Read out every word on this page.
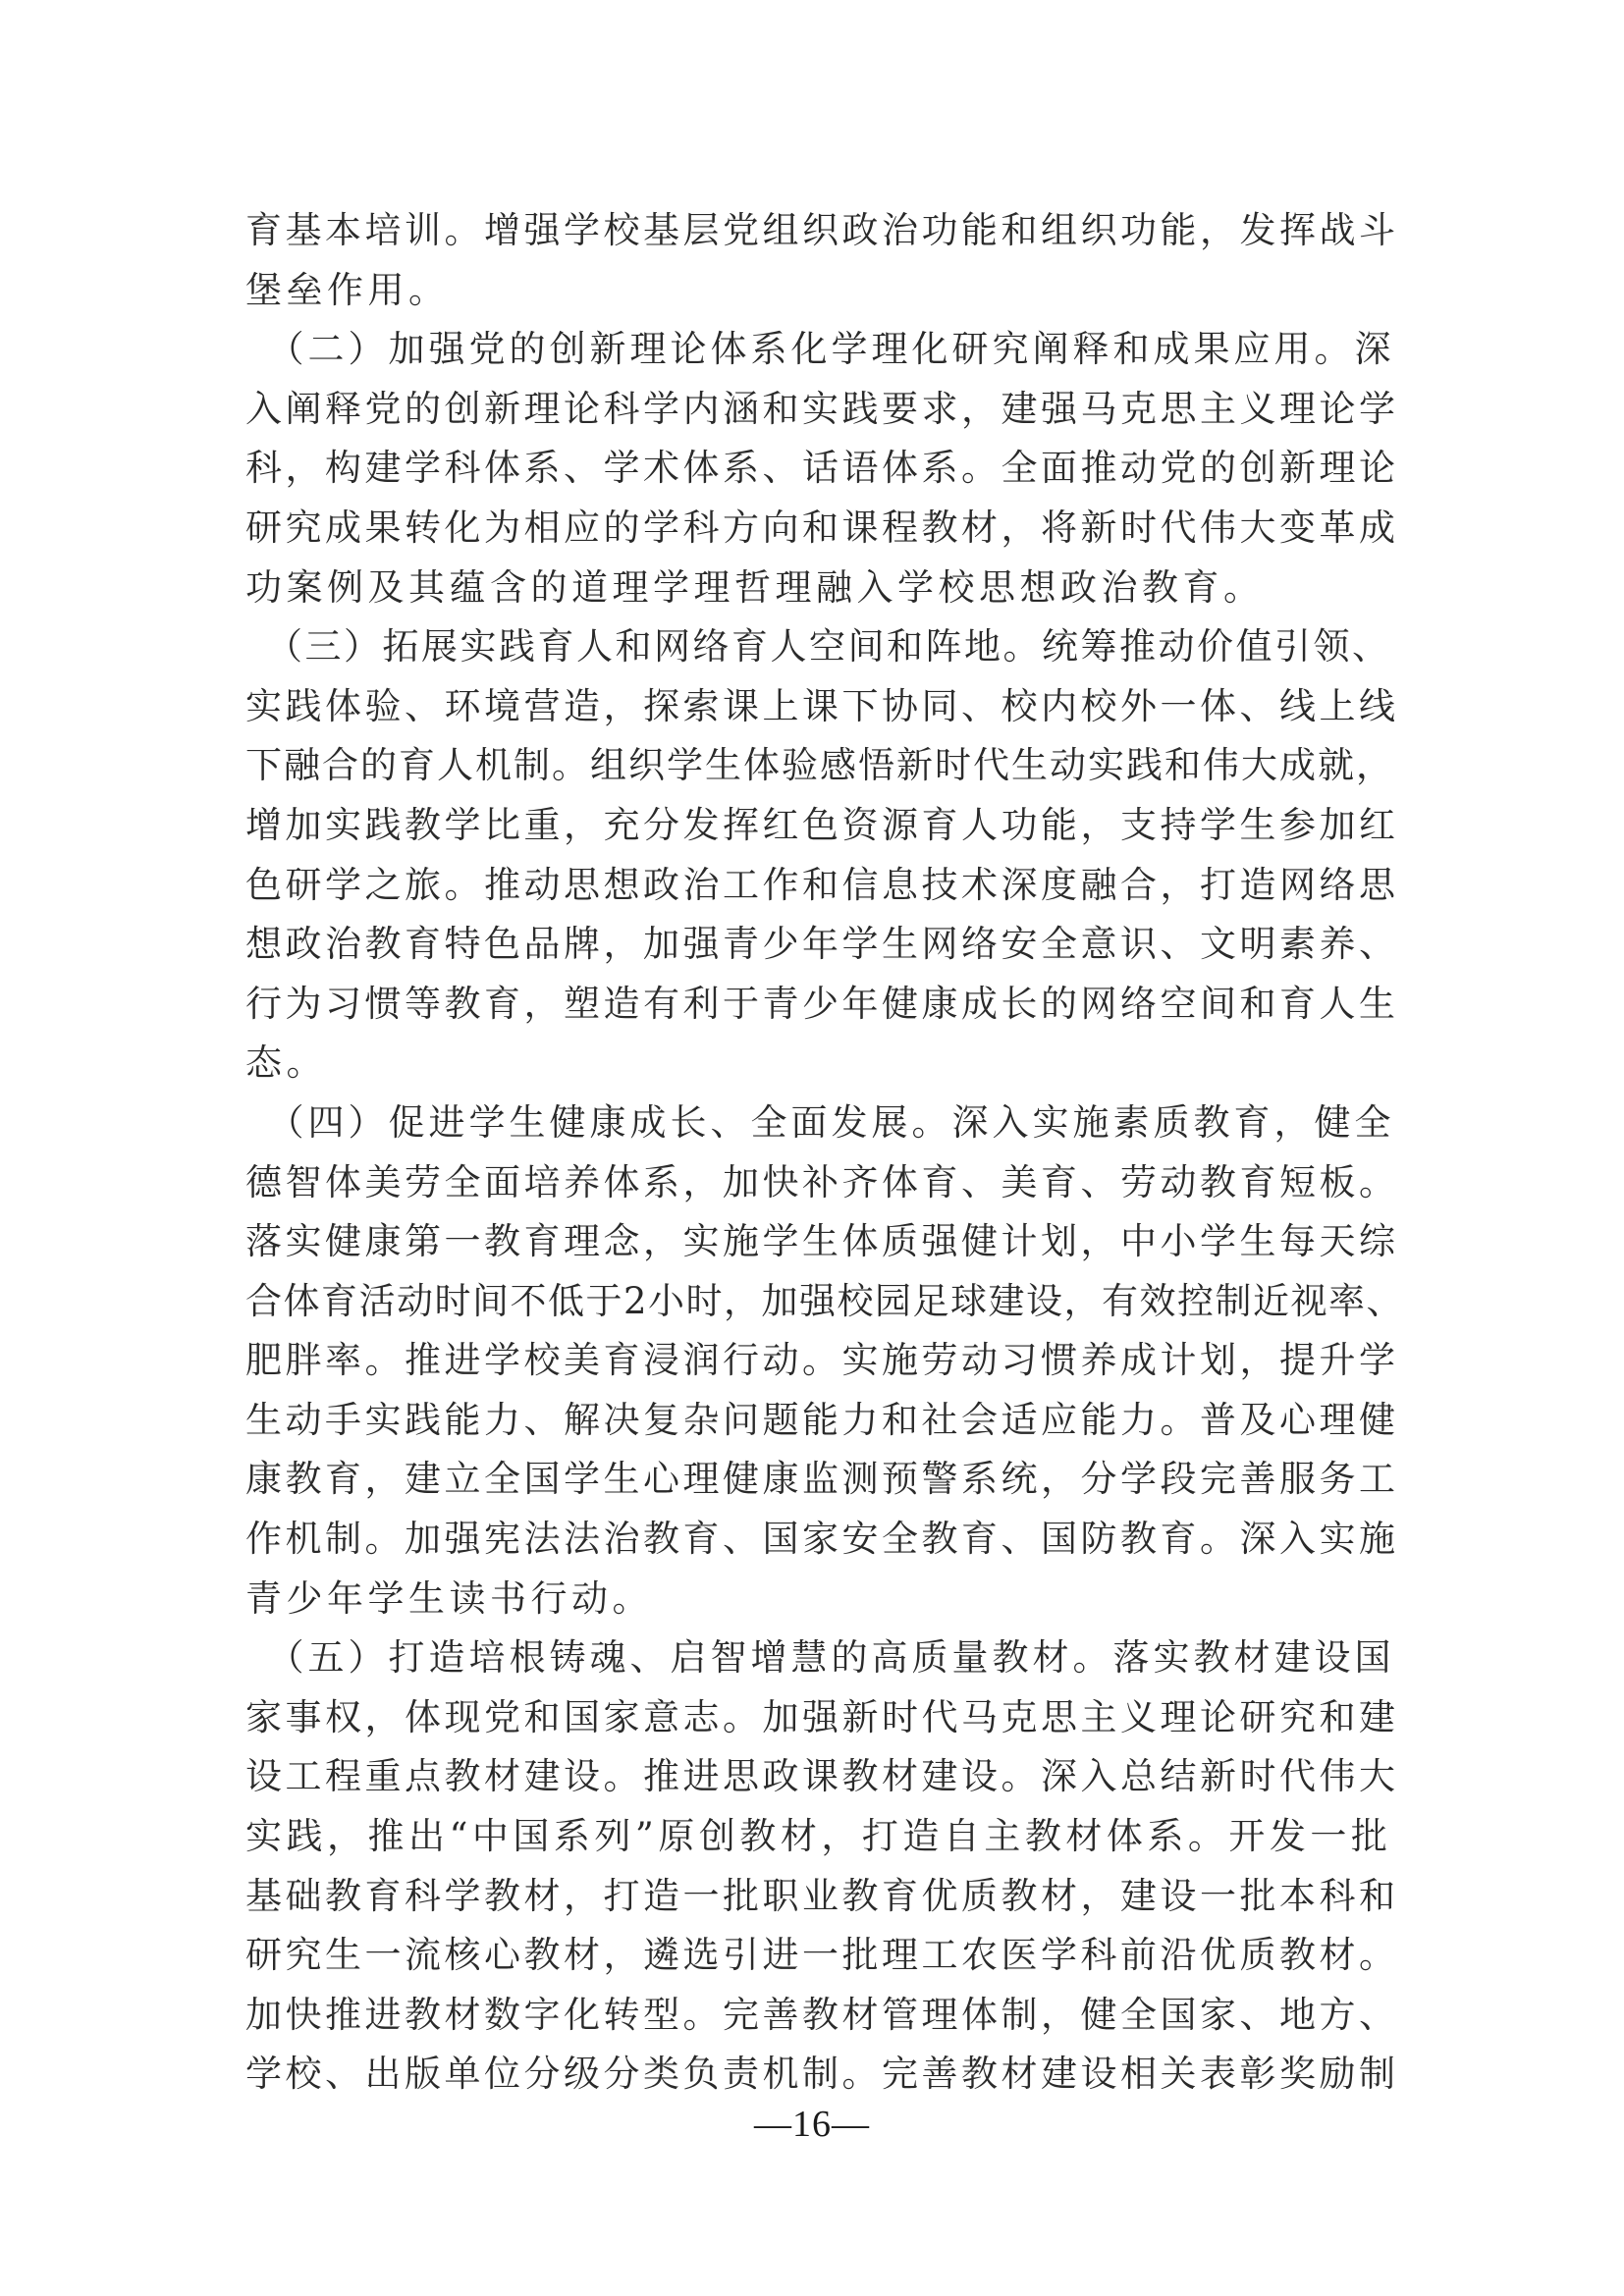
育基本培训。增强学校基层党组织政治功能和组织功能，发挥战斗
堡垒作用。
　（二）加强党的创新理论体系化学理化研究阐释和成果应用。深
入阐释党的创新理论科学内涵和实践要求，建强马克思主义理论学
科，构建学科体系、学术体系、话语体系。全面推动党的创新理论
研究成果转化为相应的学科方向和课程教材，将新时代伟大变革成
功案例及其蕴含的道理学理哲理融入学校思想政治教育。
　（三）拓展实践育人和网络育人空间和阵地。统筹推动价值引领、
实践体验、环境营造，探索课上课下协同、校内校外一体、线上线
下融合的育人机制。组织学生体验感悟新时代生动实践和伟大成就，
增加实践教学比重，充分发挥红色资源育人功能，支持学生参加红
色研学之旅。推动思想政治工作和信息技术深度融合，打造网络思
想政治教育特色品牌，加强青少年学生网络安全意识、文明素养、
行为习惯等教育，塑造有利于青少年健康成长的网络空间和育人生
态。
　（四）促进学生健康成长、全面发展。深入实施素质教育，健全
德智体美劳全面培养体系，加快补齐体育、美育、劳动教育短板。
落实健康第一教育理念，实施学生体质强健计划，中小学生每天综
合体育活动时间不低于2小时，加强校园足球建设，有效控制近视率、
肥胖率。推进学校美育浸润行动。实施劳动习惯养成计划，提升学
生动手实践能力、解决复杂问题能力和社会适应能力。普及心理健
康教育，建立全国学生心理健康监测预警系统，分学段完善服务工
作机制。加强宪法法治教育、国家安全教育、国防教育。深入实施
青少年学生读书行动。
　（五）打造培根铸魂、启智增慧的高质量教材。落实教材建设国
家事权，体现党和国家意志。加强新时代马克思主义理论研究和建
设工程重点教材建设。推进思政课教材建设。深入总结新时代伟大
实践，推出“中国系列”原创教材，打造自主教材体系。开发一批
基础教育科学教材，打造一批职业教育优质教材，建设一批本科和
研究生一流核心教材，遴选引进一批理工农医学科前沿优质教材。
加快推进教材数字化转型。完善教材管理体制，健全国家、地方、
学校、出版单位分级分类负责机制。完善教材建设相关表彰奖励制
—16—
